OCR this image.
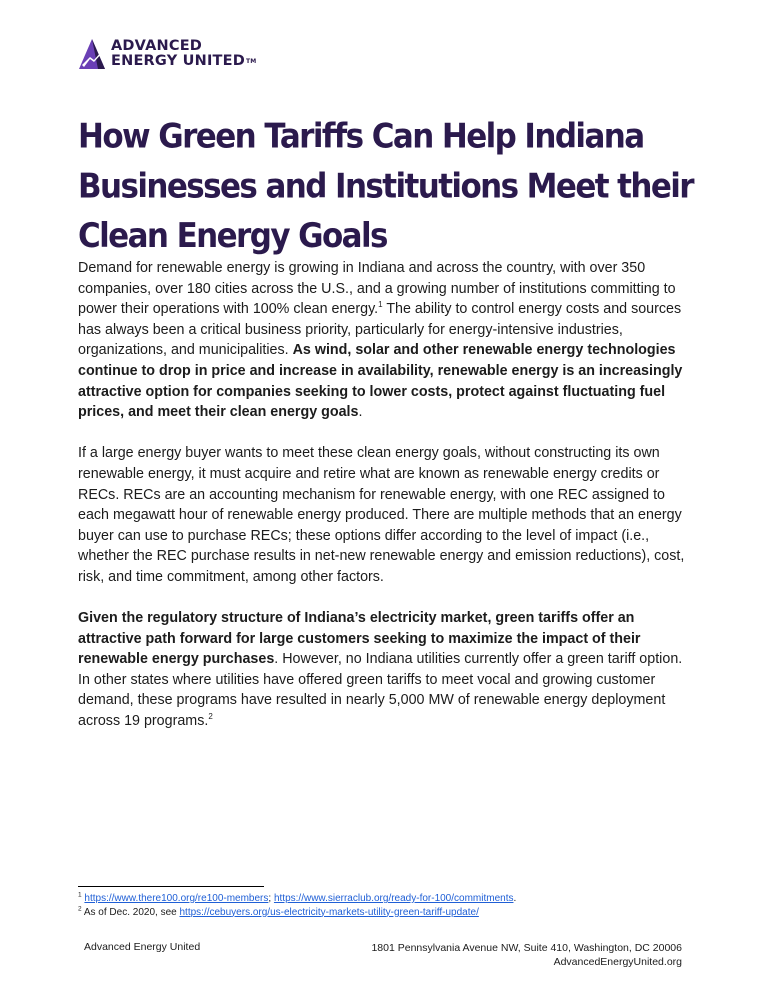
ADVANCED
ENERGY UNITED™
How Green Tariffs Can Help Indiana Businesses and Institutions Meet their Clean Energy Goals

Demand for renewable energy is growing in Indiana and across the country, with over 350 companies, over 180 cities across the U.S., and a growing number of institutions committing to power their operations with 100% clean energy.$^1$ The ability to control energy costs and sources has always been a critical business priority, particularly for energy-intensive industries, organizations, and municipalities. As wind, solar and other renewable energy technologies continue to drop in price and increase in availability, renewable energy is an increasingly attractive option for companies seeking to lower costs, protect against fluctuating fuel prices, and meet their clean energy goals.

If a large energy buyer wants to meet these clean energy goals, without constructing its own renewable energy, it must acquire and retire what are known as renewable energy credits or RECs. RECs are an accounting mechanism for renewable energy, with one REC assigned to each megawatt hour of renewable energy produced. There are multiple methods that an energy buyer can use to purchase RECs; these options differ according to the level of impact (i.e., whether the REC purchase results in net-new renewable energy and emission reductions), cost, risk, and time commitment, among other factors.

Given the regulatory structure of Indiana’s electricity market, green tariffs offer an attractive path forward for large customers seeking to maximize the impact of their renewable energy purchases. However, no Indiana utilities currently offer a green tariff option. In other states where utilities have offered green tariffs to meet vocal and growing customer demand, these programs have resulted in nearly 5,000 MW of renewable energy deployment across 19 programs.$^2$

$^1$ https://www.there100.org/re100-members; https://www.sierraclub.org/ready-for-100/commitments.
$^2$ As of Dec. 2020, see https://cebuyers.org/us-electricity-markets-utility-green-tariff-update/
Advanced Energy United	1801 Pennsylvania Avenue NW, Suite 410, Washington, DC 20006
AdvancedEnergyUnited.org
